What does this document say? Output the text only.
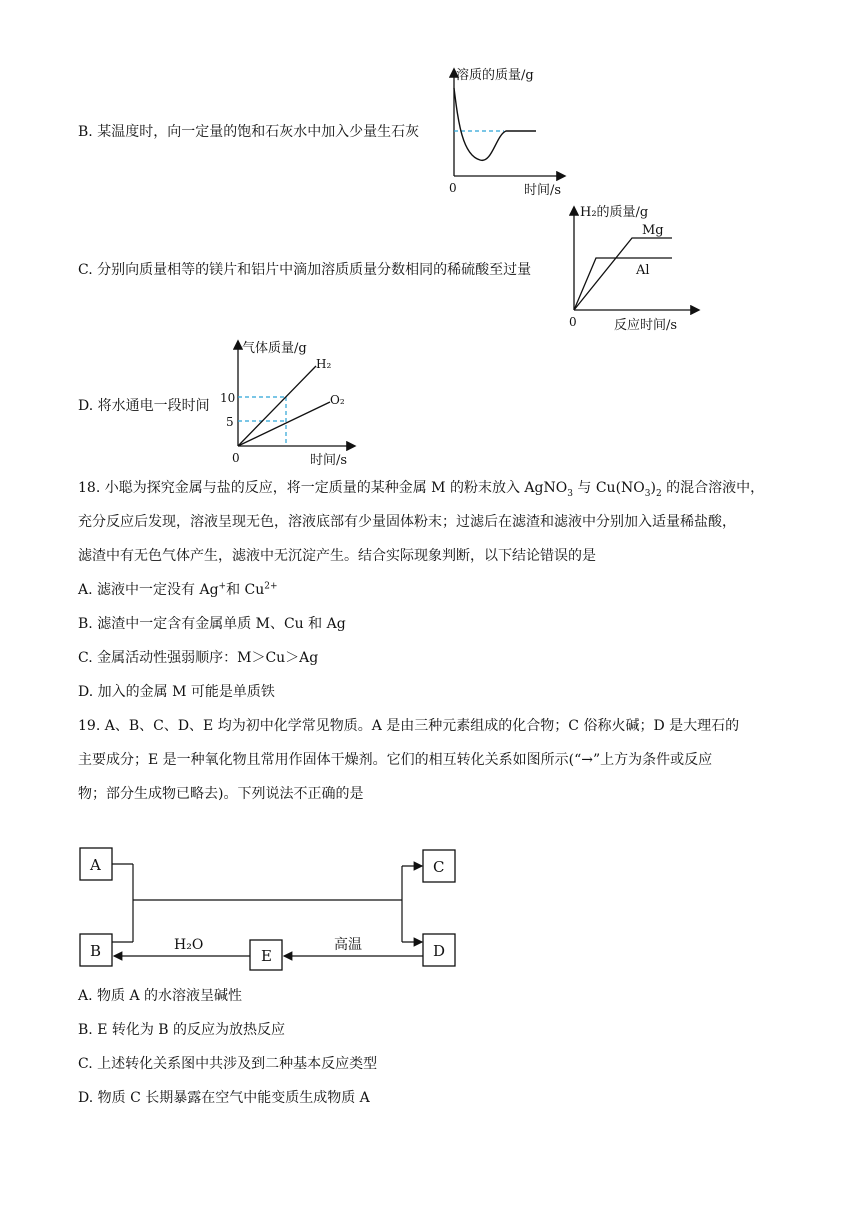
B. 某温度时，向一定量的饱和石灰水中加入少量生石灰
溶质的质量/g
0	时间/s
C. 分别向质量相等的镁片和铝片中滴加溶质质量分数相同的稀硫酸至过量
H₂的质量/g
Mg
Al
0	反应时间/s
D. 将水通电一段时间
气体质量/g
H₂
O₂
10
5
0	时间/s
18. 小聪为探究金属与盐的反应，将一定质量的某种金属 M 的粉末放入 AgNO$_3$ 与 $Cu(NO_3)_2$ 的混合溶液中，
充分反应后发现，溶液呈现无色，溶液底部有少量固体粉末；过滤后在滤渣和滤液中分别加入适量稀盐酸，
滤渣中有无色气体产生，滤液中无沉淀产生。结合实际现象判断，以下结论错误的是
A. 滤液中一定没有 Ag+和 $Cu^{2+}$
B. 滤渣中一定含有金属单质 M、Cu 和 Ag
C. 金属活动性强弱顺序：M＞Cu＞Ag
D. 加入的金属 M 可能是单质铁
19. A、B、C、D、E 均为初中化学常见物质。A 是由三种元素组成的化合物；C 俗称火碱；D 是大理石的
主要成分；E 是一种氧化物且常用作固体干燥剂。它们的相互转化关系如图所示(“→”上方为条件或反应
物；部分生成物已略去)。下列说法不正确的是
A
B
C
D
E
高温
H₂O
A. 物质 A 的水溶液呈碱性
B. E 转化为 B 的反应为放热反应
C. 上述转化关系图中共涉及到二种基本反应类型
D. 物质 C 长期暴露在空气中能变质生成物质 A
